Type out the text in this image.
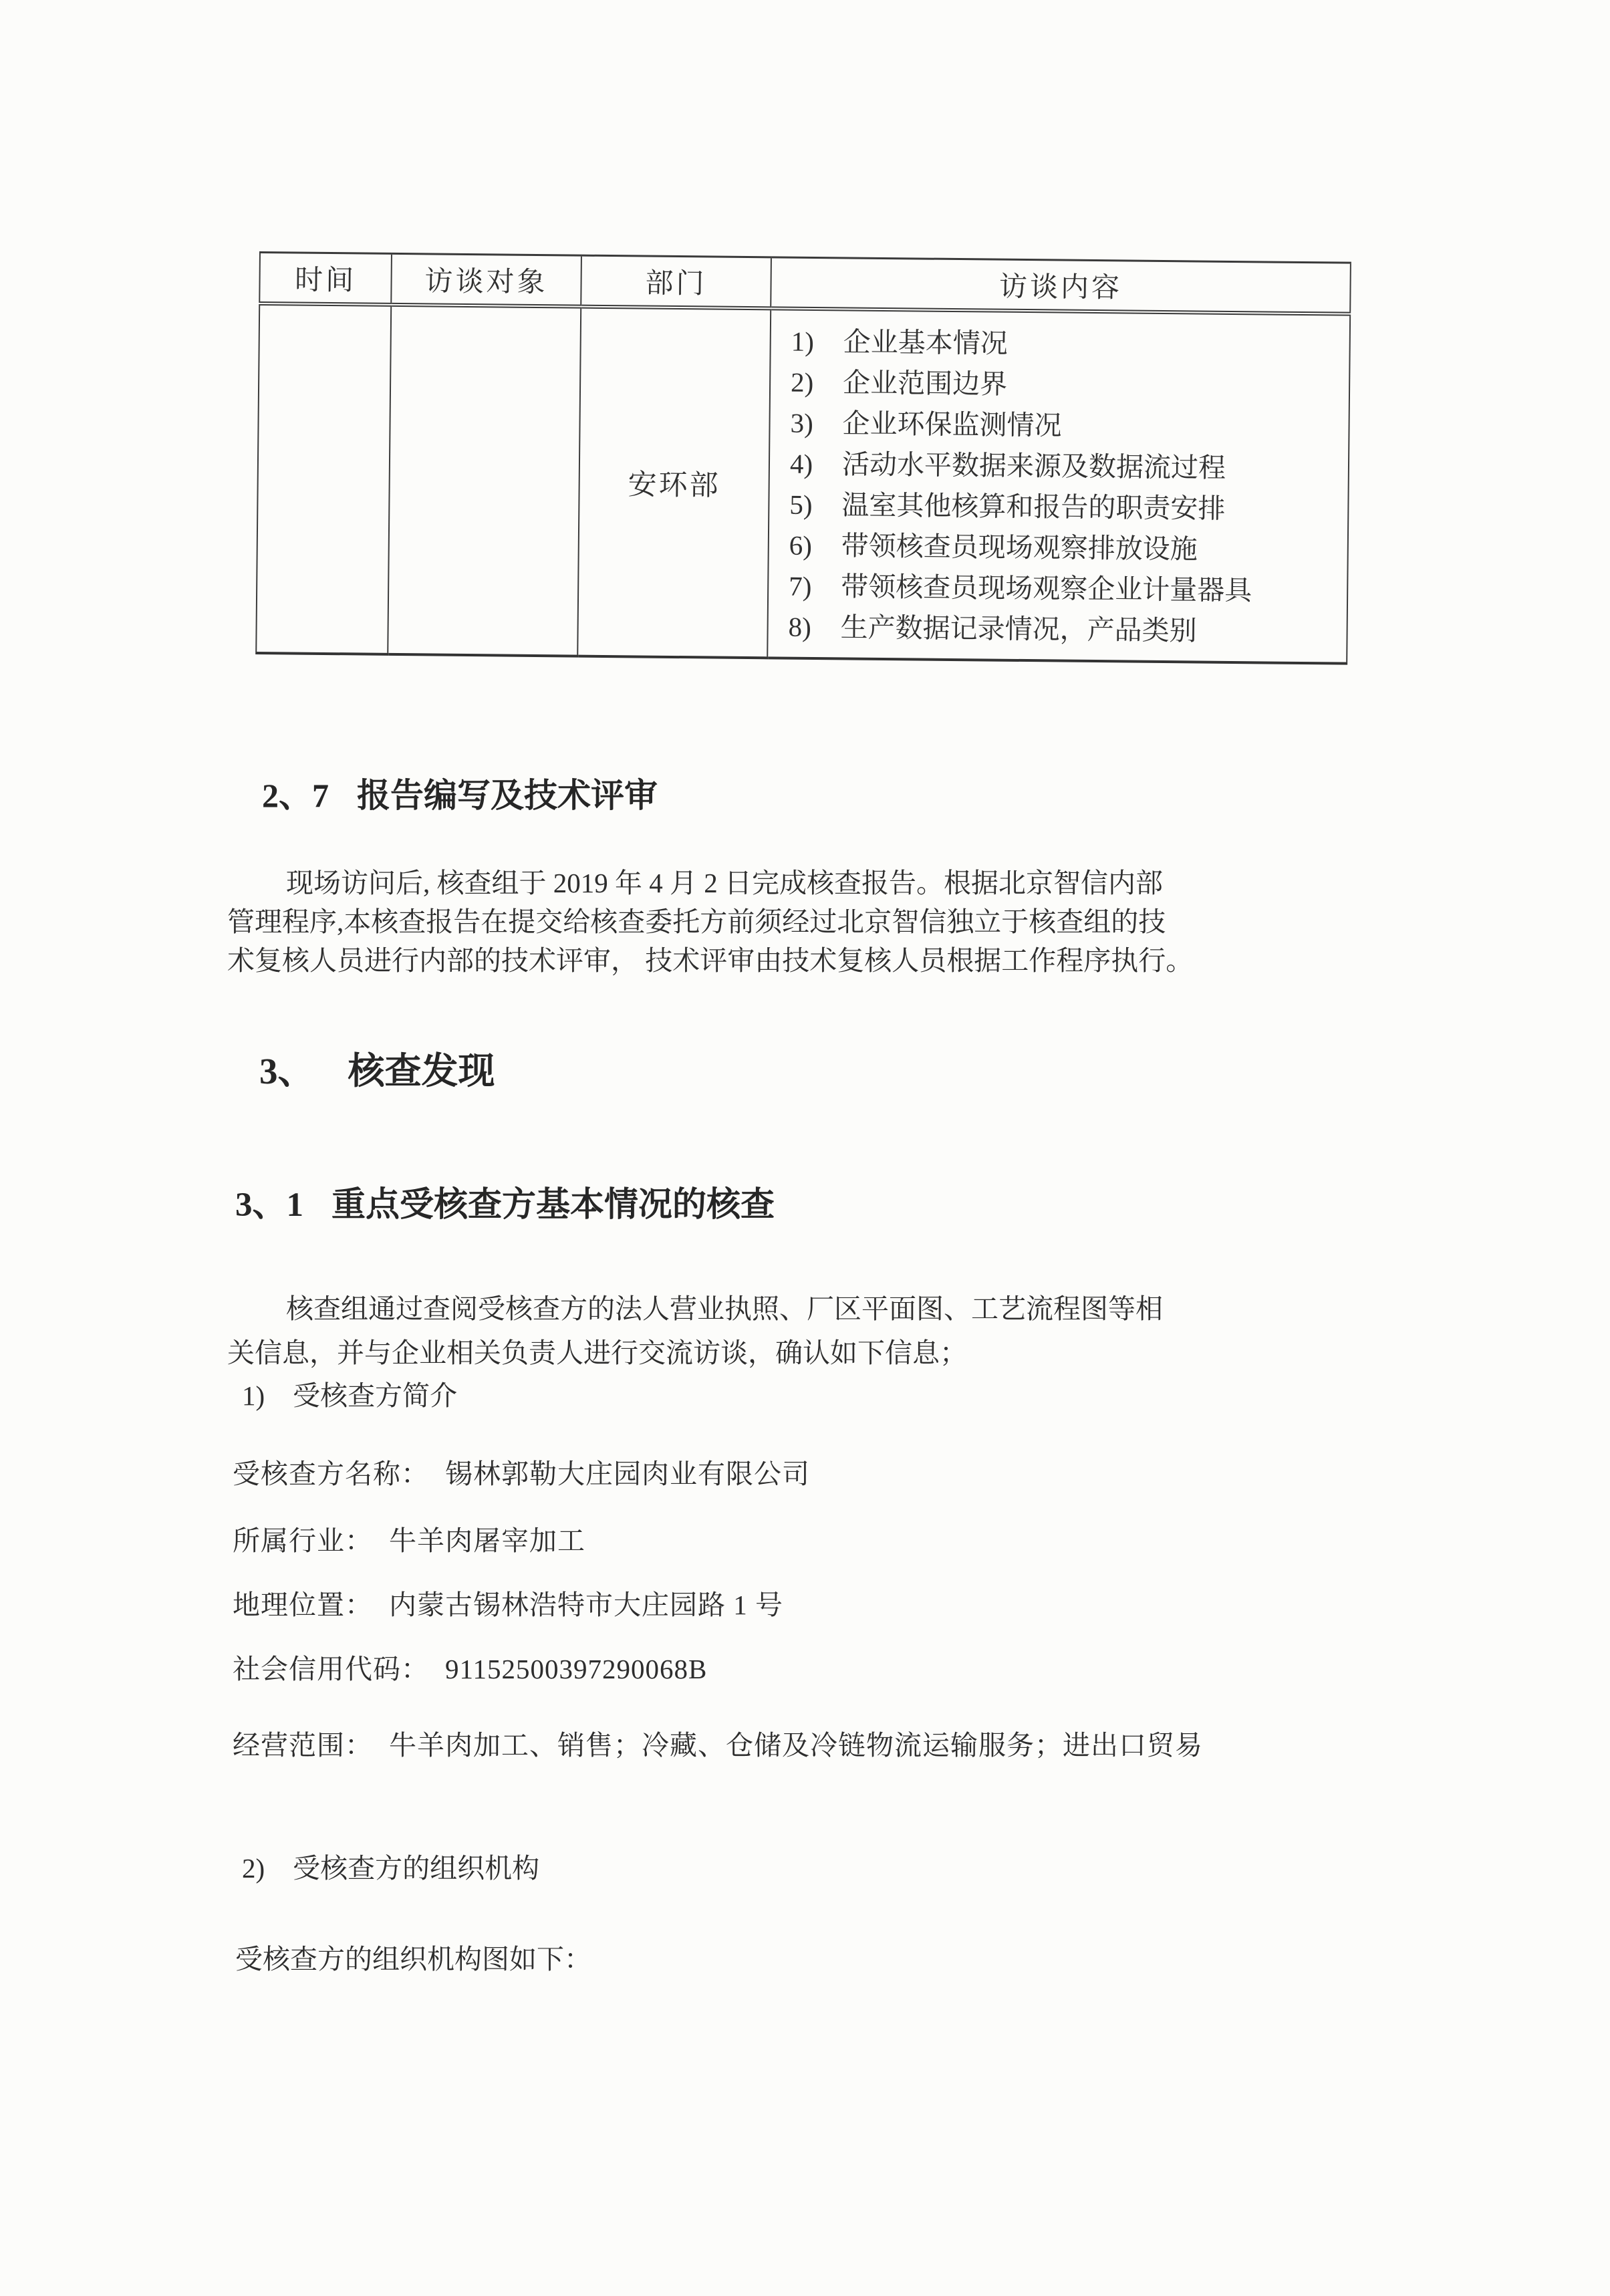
时间	访谈对象	部门	访谈内容
		安环部	
1) 企业基本情况
2) 企业范围边界
3) 企业环保监测情况
4) 活动水平数据来源及数据流过程
5) 温室其他核算和报告的职责安排
6) 带领核查员现场观察排放设施
7) 带领核查员现场观察企业计量器具
8) 生产数据记录情况，产品类别
2、7 报告编写及技术评审
现场访问后, 核查组于 2019 年 4 月 2 日完成核查报告。根据北京智信内部
管理程序,本核查报告在提交给核查委托方前须经过北京智信独立于核查组的技
术复核人员进行内部的技术评审， 技术评审由技术复核人员根据工作程序执行。
3、 核查发现
3、1 重点受核查方基本情况的核查
核查组通过查阅受核查方的法人营业执照、厂区平面图、工艺流程图等相
关信息，并与企业相关负责人进行交流访谈，确认如下信息；
1) 受核查方简介
受核查方名称： 锡林郭勒大庄园肉业有限公司
所属行业： 牛羊肉屠宰加工
地理位置： 内蒙古锡林浩特市大庄园路 1 号
社会信用代码： 91152500397290068B
经营范围： 牛羊肉加工、销售；冷藏、仓储及冷链物流运输服务；进出口贸易
2) 受核查方的组织机构
受核查方的组织机构图如下：
